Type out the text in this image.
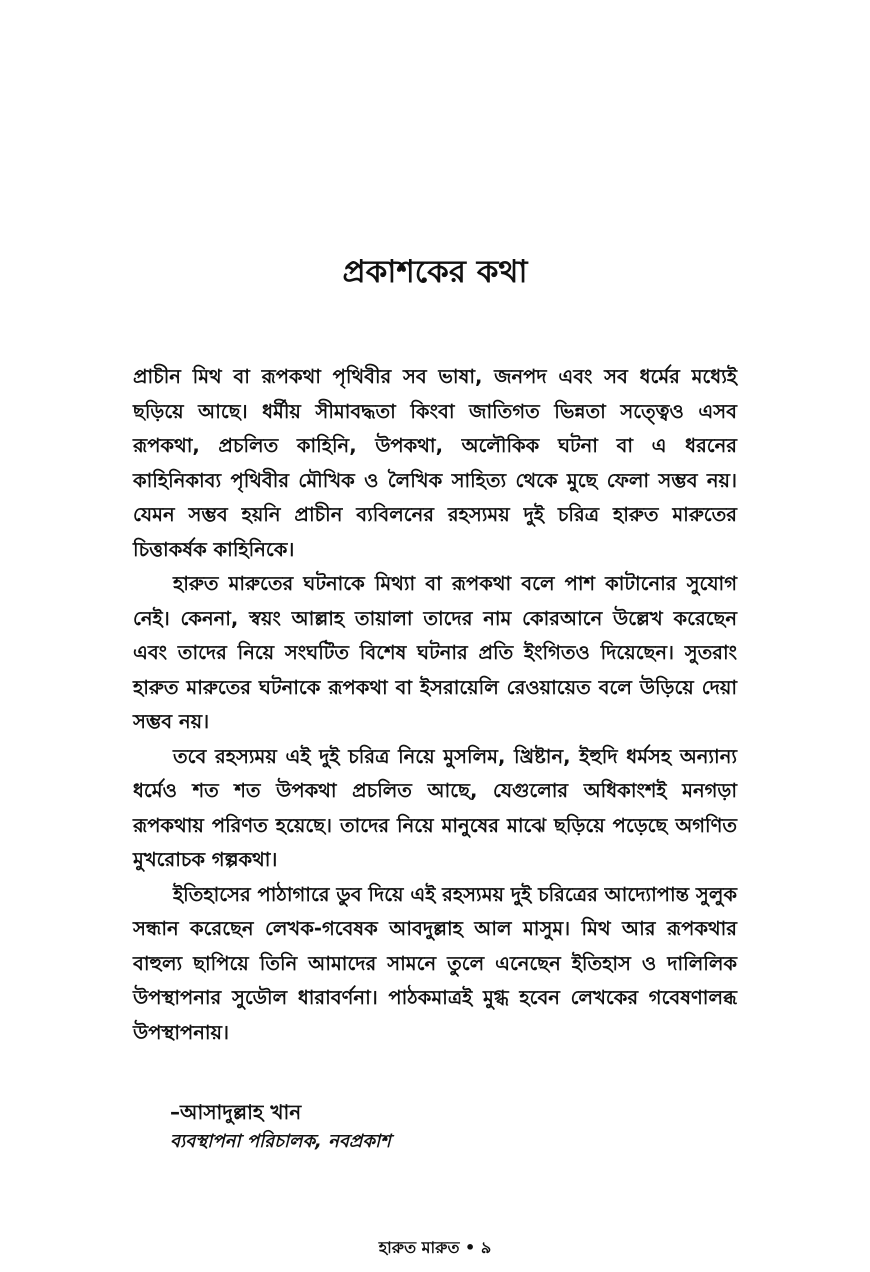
প্রকাশকের কথা

প্রাচীন মিথ বা রূপকথা পৃথিবীর সব ভাষা, জনপদ এবং সব ধর্মের মধ্যেই ছড়িয়ে আছে। ধর্মীয় সীমাবদ্ধতা কিংবা জাতিগত ভিন্নতা সত্ত্বেও এসব রূপকথা, প্রচলিত কাহিনি, উপকথা, অলৌকিক ঘটনা বা এ ধরনের কাহিনিকাব্য পৃথিবীর মৌখিক ও লৈখিক সাহিত্য থেকে মুছে ফেলা সম্ভব নয়। যেমন সম্ভব হয়নি প্রাচীন ব্যবিলনের রহস্যময় দুই চরিত্র হারুত মারুতের চিত্তাকর্ষক কাহিনিকে।

হারুত মারুতের ঘটনাকে মিথ্যা বা রূপকথা বলে পাশ কাটানোর সুযোগ নেই। কেননা, স্বয়ং আল্লাহ তায়ালা তাদের নাম কোরআনে উল্লেখ করেছেন এবং তাদের নিয়ে সংঘটিত বিশেষ ঘটনার প্রতি ইংগিতও দিয়েছেন। সুতরাং হারুত মারুতের ঘটনাকে রূপকথা বা ইসরায়েলি রেওয়ায়েত বলে উড়িয়ে দেয়া সম্ভব নয়।

তবে রহস্যময় এই দুই চরিত্র নিয়ে মুসলিম, খ্রিষ্টান, ইহুদি ধর্মসহ অন্যান্য ধর্মেও শত শত উপকথা প্রচলিত আছে, যেগুলোর অধিকাংশই মনগড়া রূপকথায় পরিণত হয়েছে। তাদের নিয়ে মানুষের মাঝে ছড়িয়ে পড়েছে অগণিত মুখরোচক গল্পকথা।

ইতিহাসের পাঠাগারে ডুব দিয়ে এই রহস্যময় দুই চরিত্রের আদ্যোপান্ত সুলুক সন্ধান করেছেন লেখক-গবেষক আবদুল্লাহ আল মাসুম। মিথ আর রূপকথার বাহুল্য ছাপিয়ে তিনি আমাদের সামনে তুলে এনেছেন ইতিহাস ও দালিলিক উপস্থাপনার সুডৌল ধারাবর্ণনা। পাঠকমাত্রই মুগ্ধ হবেন লেখকের গবেষণালব্ধ উপস্থাপনায়।

–আসাদুল্লাহ খান

ব্যবস্থাপনা পরিচালক, নবপ্রকাশ

হারুত মারুত • ৯
